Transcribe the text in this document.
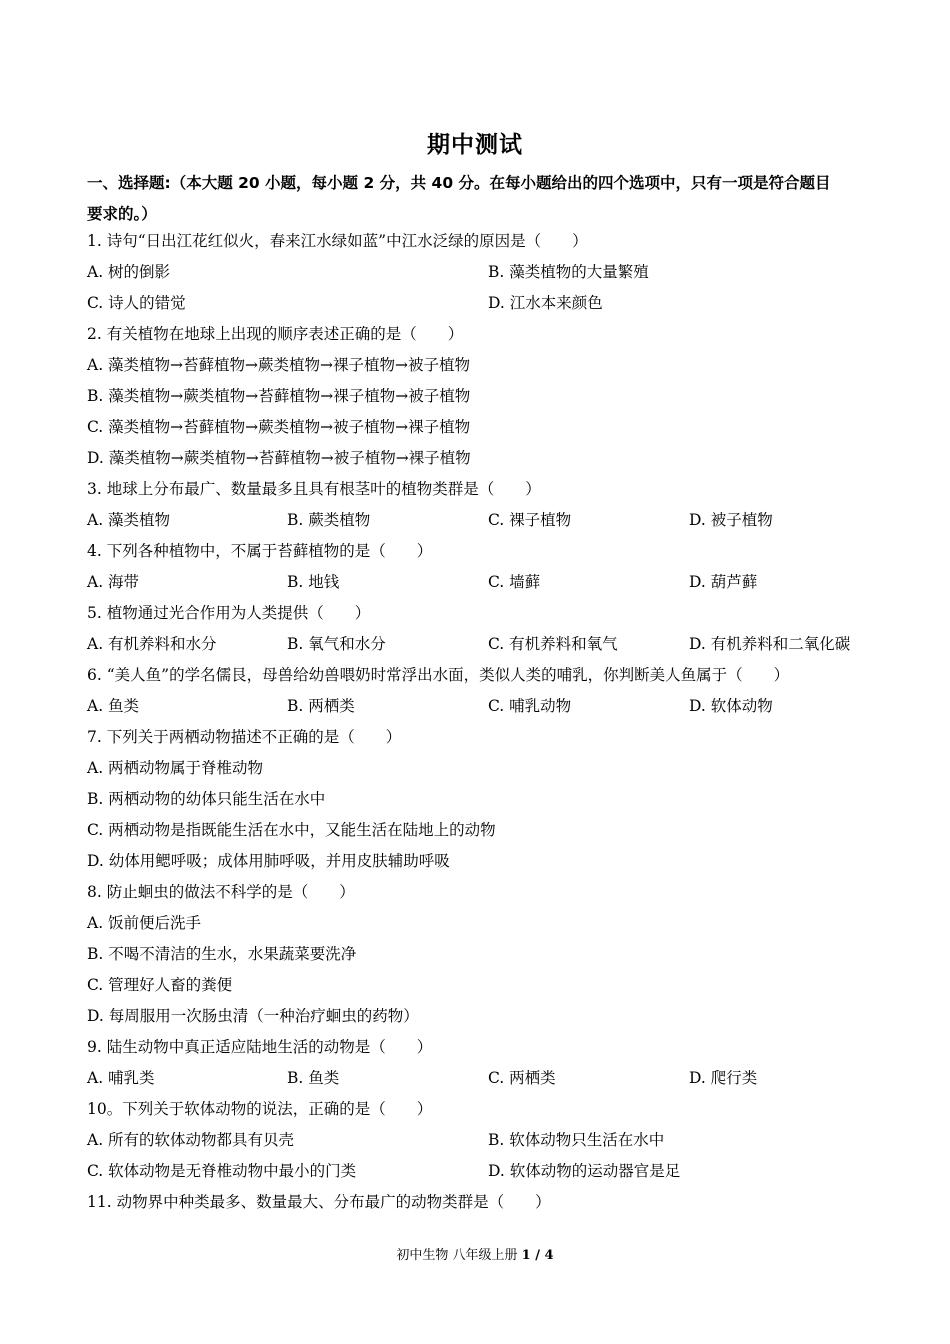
期中测试
一、选择题:（本大题 20 小题，每小题 2 分，共 40 分。在每小题给出的四个选项中，只有一项是符合题目
要求的。）
1. 诗句“日出江花红似火，春来江水绿如蓝”中江水泛绿的原因是（　　）
A. 树的倒影	B. 藻类植物的大量繁殖
C. 诗人的错觉	D. 江水本来颜色
2. 有关植物在地球上出现的顺序表述正确的是（　　）
A. 藻类植物→苔藓植物→蕨类植物→裸子植物→被子植物
B. 藻类植物→蕨类植物→苔藓植物→裸子植物→被子植物
C. 藻类植物→苔藓植物→蕨类植物→被子植物→裸子植物
D. 藻类植物→蕨类植物→苔藓植物→被子植物→裸子植物
3. 地球上分布最广、数量最多且具有根茎叶的植物类群是（　　）
A. 藻类植物	B. 蕨类植物	C. 裸子植物	D. 被子植物
4. 下列各种植物中，不属于苔藓植物的是（　　）
A. 海带	B. 地钱	C. 墙藓	D. 葫芦藓
5. 植物通过光合作用为人类提供（　　）
A. 有机养料和水分	B. 氧气和水分	C. 有机养料和氧气	D. 有机养料和二氧化碳
6. “美人鱼”的学名儒艮，母兽给幼兽喂奶时常浮出水面，类似人类的哺乳，你判断美人鱼属于（　　）
A. 鱼类	B. 两栖类	C. 哺乳动物	D. 软体动物
7. 下列关于两栖动物描述不正确的是（　　）
A. 两栖动物属于脊椎动物
B. 两栖动物的幼体只能生活在水中
C. 两栖动物是指既能生活在水中，又能生活在陆地上的动物
D. 幼体用鳃呼吸；成体用肺呼吸，并用皮肤辅助呼吸
8. 防止蛔虫的做法不科学的是（　　）
A. 饭前便后洗手
B. 不喝不清洁的生水，水果蔬菜要洗净
C. 管理好人畜的粪便
D. 每周服用一次肠虫清（一种治疗蛔虫的药物）
9. 陆生动物中真正适应陆地生活的动物是（　　）
A. 哺乳类	B. 鱼类	C. 两栖类	D. 爬行类
10。下列关于软体动物的说法，正确的是（　　）
A. 所有的软体动物都具有贝壳	B. 软体动物只生活在水中
C. 软体动物是无脊椎动物中最小的门类	D. 软体动物的运动器官是足
11. 动物界中种类最多、数量最大、分布最广的动物类群是（　　）
初中生物 八年级上册 1 / 4
